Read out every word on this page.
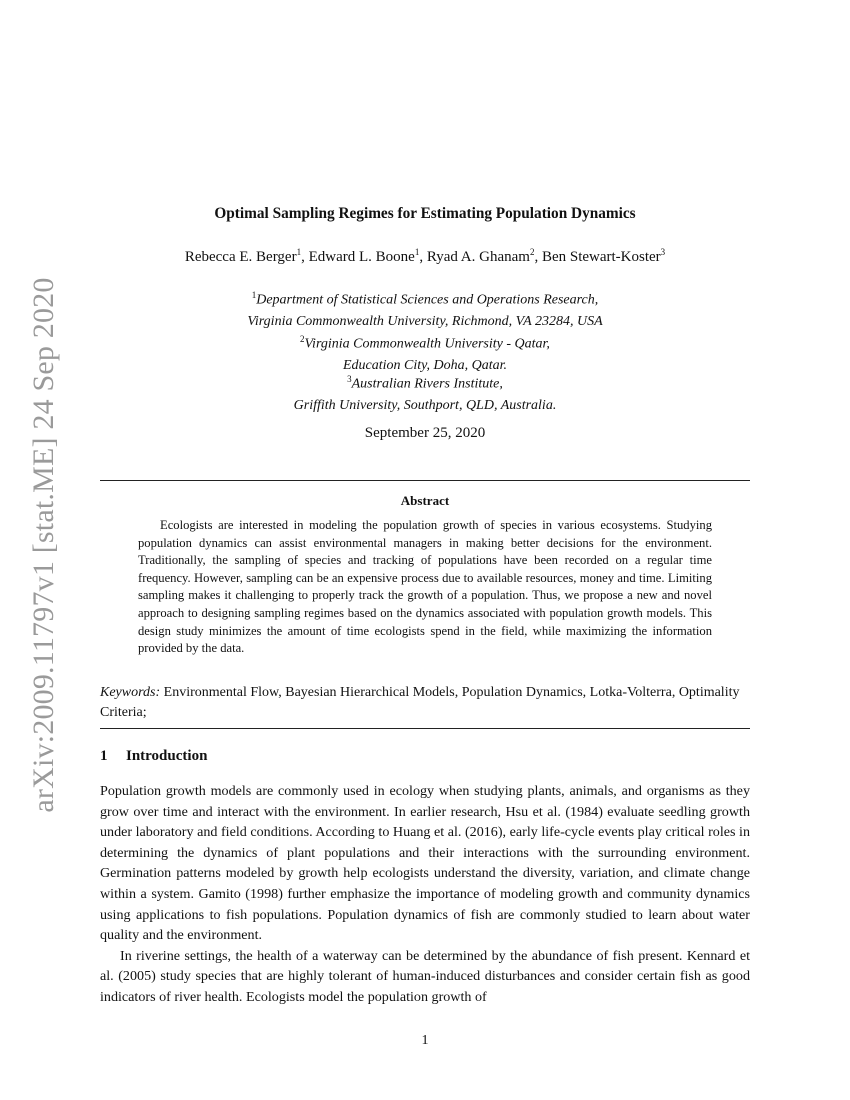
arXiv:2009.11797v1 [stat.ME] 24 Sep 2020
Optimal Sampling Regimes for Estimating Population Dynamics
Rebecca E. Berger$^1$, Edward L. Boone$^1$, Ryad A. Ghanam$^2$, Ben Stewart-Koster$^3$
$^1$Department of Statistical Sciences and Operations Research,
Virginia Commonwealth University, Richmond, VA 23284, USA
$^2$Virginia Commonwealth University - Qatar,
Education City, Doha, Qatar.
$^3$Australian Rivers Institute,
Griffith University, Southport, QLD, Australia.
September 25, 2020
Abstract
Ecologists are interested in modeling the population growth of species in various ecosystems. Studying population dynamics can assist environmental managers in making better decisions for the environment. Traditionally, the sampling of species and tracking of populations have been recorded on a regular time frequency. However, sampling can be an expensive process due to available resources, money and time. Limiting sampling makes it challenging to properly track the growth of a population. Thus, we propose a new and novel approach to designing sampling regimes based on the dynamics associated with population growth models. This design study minimizes the amount of time ecologists spend in the field, while maximizing the information provided by the data.
Keywords: Environmental Flow, Bayesian Hierarchical Models, Population Dynamics, Lotka-Volterra, Optimality Criteria;
1 Introduction

Population growth models are commonly used in ecology when studying plants, animals, and organisms as they grow over time and interact with the environment. In earlier research, Hsu et al. (1984) evaluate seedling growth under laboratory and field conditions. According to Huang et al. (2016), early life-cycle events play critical roles in determining the dynamics of plant populations and their interactions with the surrounding environment. Germination patterns modeled by growth help ecologists understand the diversity, variation, and climate change within a system. Gamito (1998) further emphasize the importance of modeling growth and community dynamics using applications to fish populations. Population dynamics of fish are commonly studied to learn about water quality and the environment.

In riverine settings, the health of a waterway can be determined by the abundance of fish present. Kennard et al. (2005) study species that are highly tolerant of human-induced disturbances and consider certain fish as good indicators of river health. Ecologists model the population growth of

1
